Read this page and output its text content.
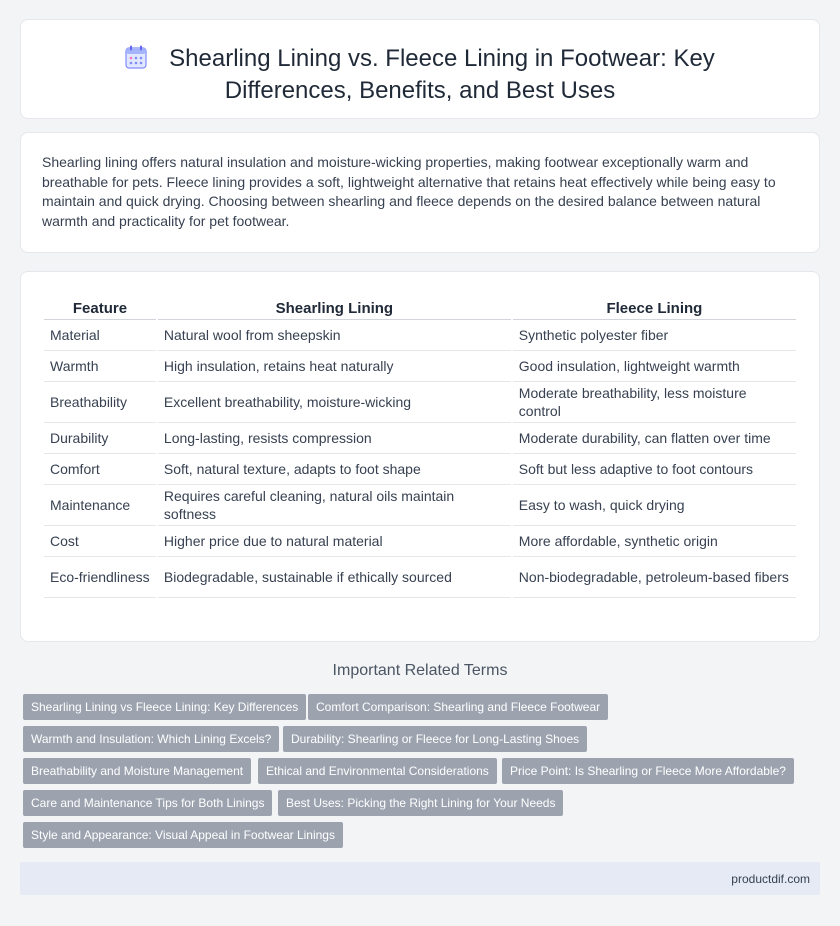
Shearling Lining vs. Fleece Lining in Footwear: Key Differences, Benefits, and Best Uses

Shearling lining offers natural insulation and moisture-wicking properties, making footwear exceptionally warm and breathable for pets. Fleece lining provides a soft, lightweight alternative that retains heat effectively while being easy to maintain and quick drying. Choosing between shearling and fleece depends on the desired balance between natural warmth and practicality for pet footwear.

Feature	Shearling Lining	Fleece Lining
Material	Natural wool from sheepskin	Synthetic polyester fiber
Warmth	High insulation, retains heat naturally	Good insulation, lightweight warmth
Breathability	Excellent breathability, moisture-wicking	Moderate breathability, less moisture control
Durability	Long-lasting, resists compression	Moderate durability, can flatten over time
Comfort	Soft, natural texture, adapts to foot shape	Soft but less adaptive to foot contours
Maintenance	Requires careful cleaning, natural oils maintain softness	Easy to wash, quick drying
Cost	Higher price due to natural material	More affordable, synthetic origin
Eco-friendliness	Biodegradable, sustainable if ethically sourced	Non-biodegradable, petroleum-based fibers
Important Related Terms
Shearling Lining vs Fleece Lining: Key Differences	Comfort Comparison: Shearling and Fleece Footwear
Warmth and Insulation: Which Lining Excels?	Durability: Shearling or Fleece for Long-Lasting Shoes
Breathability and Moisture Management	Ethical and Environmental Considerations	Price Point: Is Shearling or Fleece More Affordable?
Care and Maintenance Tips for Both Linings	Best Uses: Picking the Right Lining for Your Needs
Style and Appearance: Visual Appeal in Footwear Linings
productdif.com
